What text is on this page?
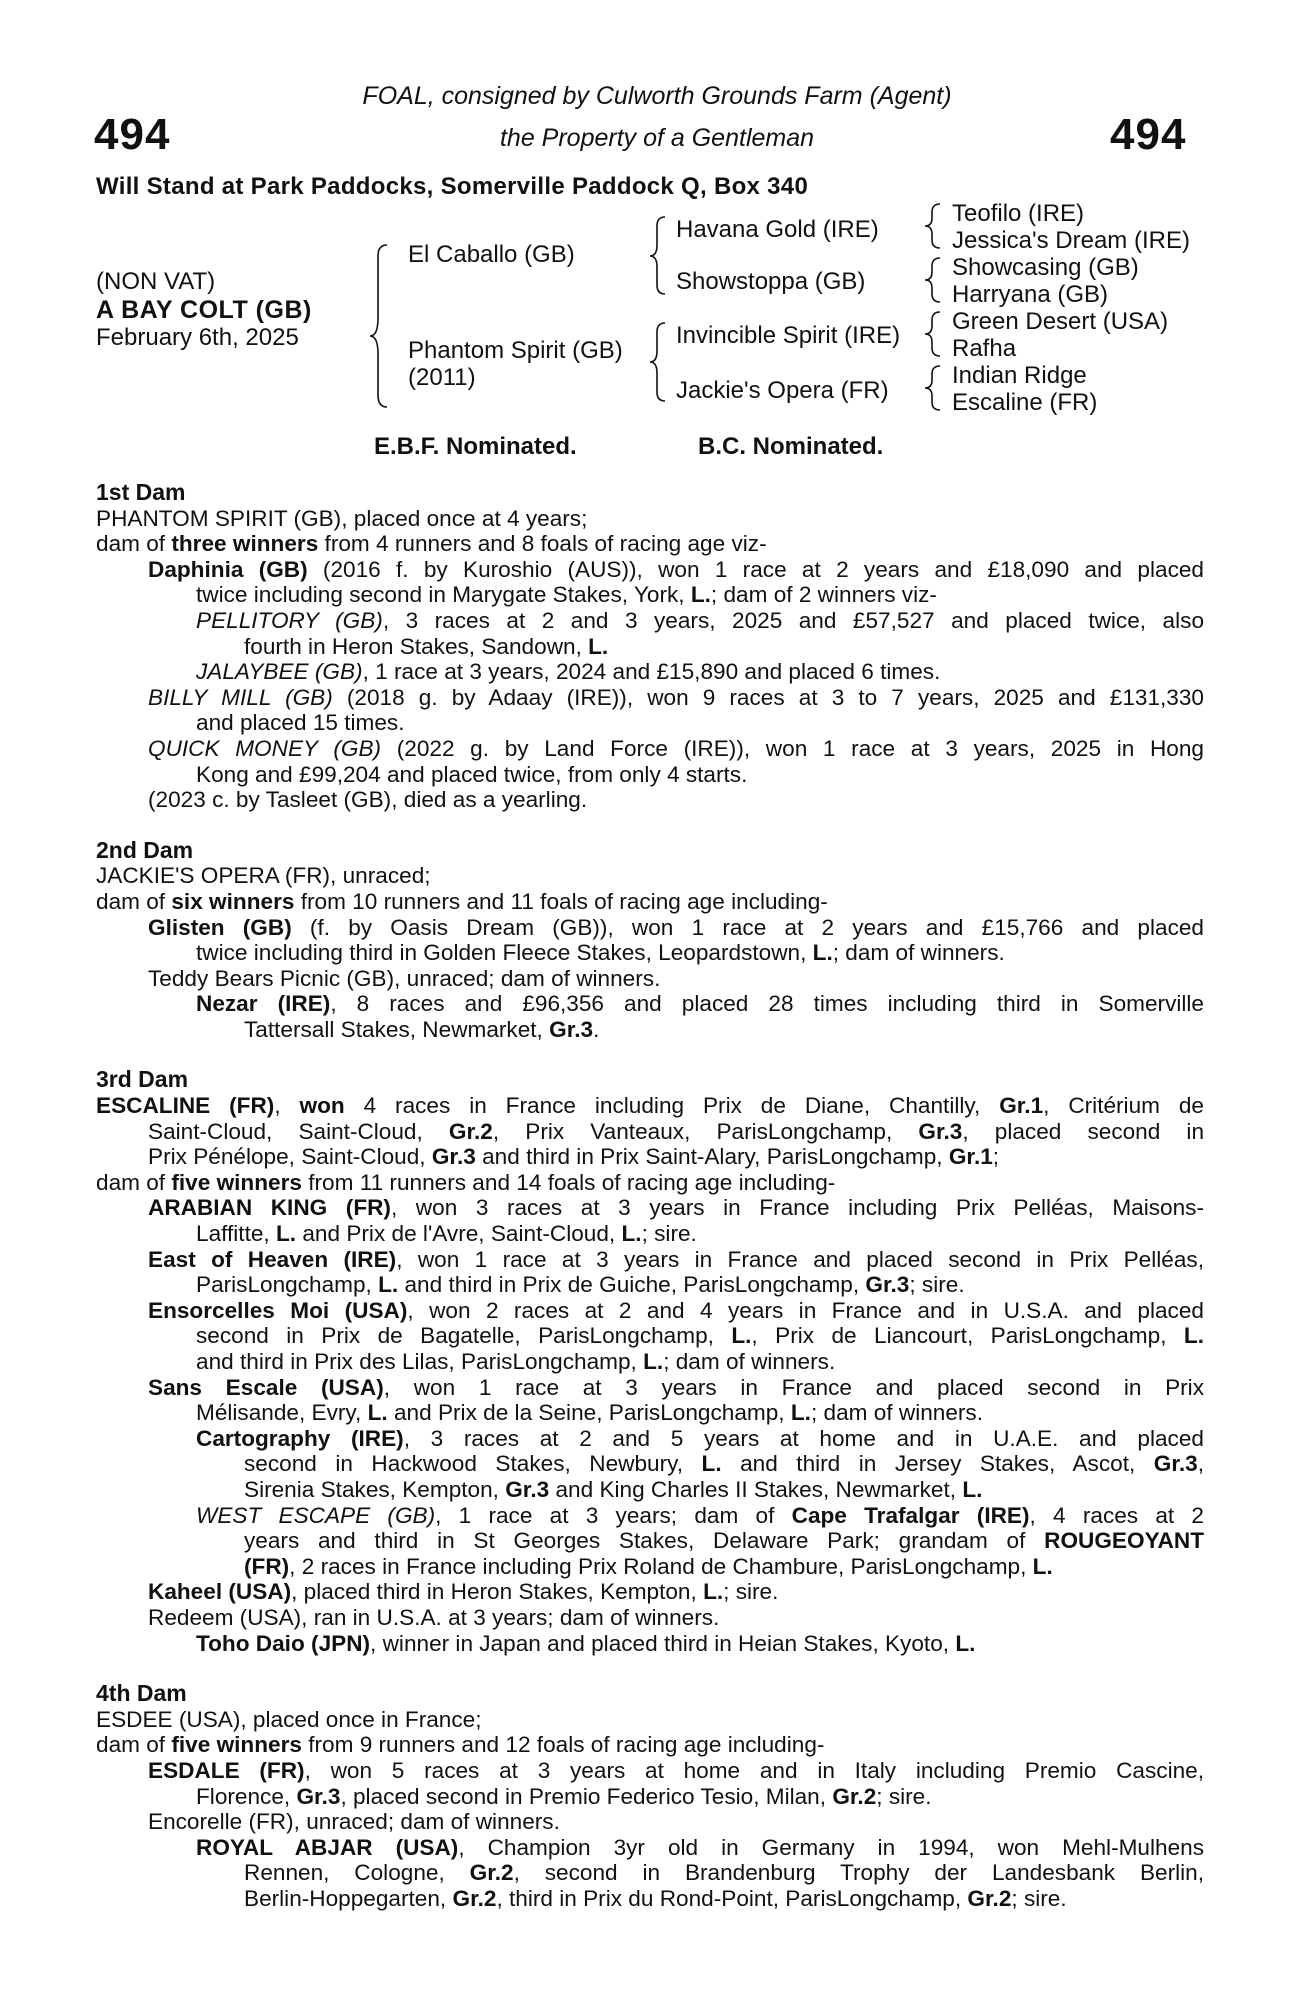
494	494
FOAL, consigned by Culworth Grounds Farm (Agent)
the Property of a Gentleman
Will Stand at Park Paddocks, Somerville Paddock Q, Box 340
(NON VAT)
A BAY COLT (GB)
February 6th, 2025
El Caballo (GB)
Phantom Spirit (GB)
(2011)
Havana Gold (IRE)
Showstoppa (GB)
Invincible Spirit (IRE)
Jackie's Opera (FR)
Teofilo (IRE)
Jessica's Dream (IRE)
Showcasing (GB)
Harryana (GB)
Green Desert (USA)
Rafha
Indian Ridge
Escaline (FR)
E.B.F. Nominated.	B.C. Nominated.
1st Dam
PHANTOM SPIRIT (GB), placed once at 4 years;
dam of three winners from 4 runners and 8 foals of racing age viz-
Daphinia (GB) (2016 f. by Kuroshio (AUS)), won 1 race at 2 years and £18,090 and placed
twice including second in Marygate Stakes, York, L.; dam of 2 winners viz-
PELLITORY (GB), 3 races at 2 and 3 years, 2025 and £57,527 and placed twice, also
fourth in Heron Stakes, Sandown, L.
JALAYBEE (GB), 1 race at 3 years, 2024 and £15,890 and placed 6 times.
BILLY MILL (GB) (2018 g. by Adaay (IRE)), won 9 races at 3 to 7 years, 2025 and £131,330
and placed 15 times.
QUICK MONEY (GB) (2022 g. by Land Force (IRE)), won 1 race at 3 years, 2025 in Hong
Kong and £99,204 and placed twice, from only 4 starts.
(2023 c. by Tasleet (GB), died as a yearling.
2nd Dam
JACKIE'S OPERA (FR), unraced;
dam of six winners from 10 runners and 11 foals of racing age including-
Glisten (GB) (f. by Oasis Dream (GB)), won 1 race at 2 years and £15,766 and placed
twice including third in Golden Fleece Stakes, Leopardstown, L.; dam of winners.
Teddy Bears Picnic (GB), unraced; dam of winners.
Nezar (IRE), 8 races and £96,356 and placed 28 times including third in Somerville
Tattersall Stakes, Newmarket, Gr.3.
3rd Dam
ESCALINE (FR), won 4 races in France including Prix de Diane, Chantilly, Gr.1, Critérium de
Saint-Cloud, Saint-Cloud, Gr.2, Prix Vanteaux, ParisLongchamp, Gr.3, placed second in
Prix Pénélope, Saint-Cloud, Gr.3 and third in Prix Saint-Alary, ParisLongchamp, Gr.1;
dam of five winners from 11 runners and 14 foals of racing age including-
ARABIAN KING (FR), won 3 races at 3 years in France including Prix Pelléas, Maisons-
Laffitte, L. and Prix de l'Avre, Saint-Cloud, L.; sire.
East of Heaven (IRE), won 1 race at 3 years in France and placed second in Prix Pelléas,
ParisLongchamp, L. and third in Prix de Guiche, ParisLongchamp, Gr.3; sire.
Ensorcelles Moi (USA), won 2 races at 2 and 4 years in France and in U.S.A. and placed
second in Prix de Bagatelle, ParisLongchamp, L., Prix de Liancourt, ParisLongchamp, L.
and third in Prix des Lilas, ParisLongchamp, L.; dam of winners.
Sans Escale (USA), won 1 race at 3 years in France and placed second in Prix
Mélisande, Evry, L. and Prix de la Seine, ParisLongchamp, L.; dam of winners.
Cartography (IRE), 3 races at 2 and 5 years at home and in U.A.E. and placed
second in Hackwood Stakes, Newbury, L. and third in Jersey Stakes, Ascot, Gr.3,
Sirenia Stakes, Kempton, Gr.3 and King Charles II Stakes, Newmarket, L.
WEST ESCAPE (GB), 1 race at 3 years; dam of Cape Trafalgar (IRE), 4 races at 2
years and third in St Georges Stakes, Delaware Park; grandam of ROUGEOYANT
(FR), 2 races in France including Prix Roland de Chambure, ParisLongchamp, L.
Kaheel (USA), placed third in Heron Stakes, Kempton, L.; sire.
Redeem (USA), ran in U.S.A. at 3 years; dam of winners.
Toho Daio (JPN), winner in Japan and placed third in Heian Stakes, Kyoto, L.
4th Dam
ESDEE (USA), placed once in France;
dam of five winners from 9 runners and 12 foals of racing age including-
ESDALE (FR), won 5 races at 3 years at home and in Italy including Premio Cascine,
Florence, Gr.3, placed second in Premio Federico Tesio, Milan, Gr.2; sire.
Encorelle (FR), unraced; dam of winners.
ROYAL ABJAR (USA), Champion 3yr old in Germany in 1994, won Mehl-Mulhens
Rennen, Cologne, Gr.2, second in Brandenburg Trophy der Landesbank Berlin,
Berlin-Hoppegarten, Gr.2, third in Prix du Rond-Point, ParisLongchamp, Gr.2; sire.
